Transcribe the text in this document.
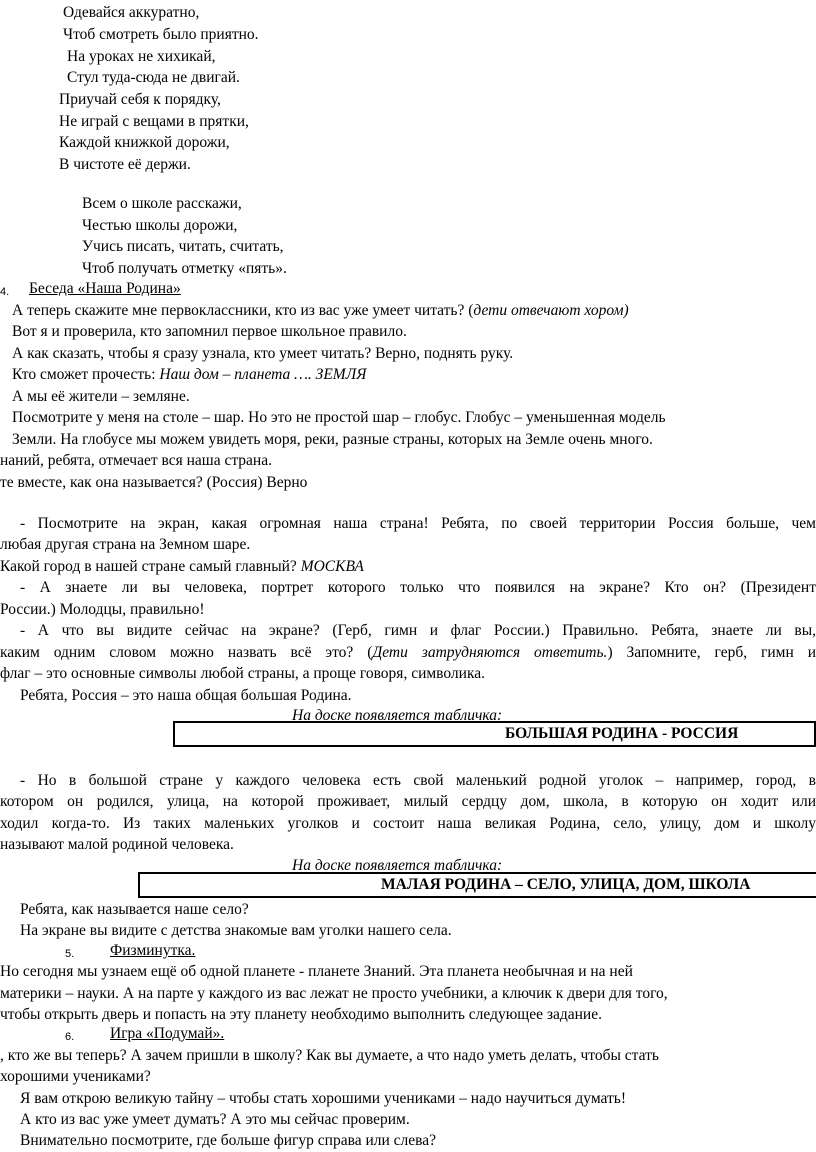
Одевайся аккуратно,
Чтоб смотреть было приятно.
На уроках не хихикай,
Стул туда-сюда не двигай.
Приучай себя к порядку,
Не играй с вещами в прятки,
Каждой книжкой дорожи,
В чистоте её держи.
Всем о школе расскажи,
Честью школы дорожи,
Учись писать, читать, считать,
Чтоб получать отметку «пять».
4. Беседа «Наша Родина»
А теперь скажите мне первоклассники, кто из вас уже умеет читать? (дети отвечают хором)
Вот я и проверила, кто запомнил первое школьное правило.
А как сказать, чтобы я сразу узнала, кто умеет читать? Верно, поднять руку.
Кто сможет прочесть: Наш дом – планета …. ЗЕМЛЯ
А мы её жители – земляне.
Посмотрите у меня на столе – шар. Но это не простой шар – глобус. Глобус – уменьшенная модель
Земли. На глобусе мы можем увидеть моря, реки, разные страны, которых на Земле очень много.
наний, ребята, отмечает вся наша страна.
те вместе, как она называется? (Россия) Верно
- Посмотрите на экран, какая огромная наша страна! Ребята, по своей территории Россия больше, чем
любая другая страна на Земном шаре.
Какой город в нашей стране самый главный? МОСКВА
- А знаете ли вы человека, портрет которого только что появился на экране? Кто он? (Президент
России.) Молодцы, правильно!
- А что вы видите сейчас на экране? (Герб, гимн и флаг России.) Правильно. Ребята, знаете ли вы,
каким одним словом можно назвать всё это? (Дети затрудняются ответить.) Запомните, герб, гимн и
флаг – это основные символы любой страны, а проще говоря, символика.
Ребята, Россия – это наша общая большая Родина.
На доске появляется табличка:
БОЛЬШАЯ РОДИНА - РОССИЯ
- Но в большой стране у каждого человека есть свой маленький родной уголок – например, город, в
котором он родился, улица, на которой проживает, милый сердцу дом, школа, в которую он ходит или
ходил когда-то. Из таких маленьких уголков и состоит наша великая Родина, село, улицу, дом и школу
называют малой родиной человека.
На доске появляется табличка:
МАЛАЯ РОДИНА – СЕЛО, УЛИЦА, ДОМ, ШКОЛА
Ребята, как называется наше село?
На экране вы видите с детства знакомые вам уголки нашего села.
5. Физминутка.
Но сегодня мы узнаем ещё об одной планете - планете Знаний. Эта планета необычная и на ней
материки – науки. А на парте у каждого из вас лежат не просто учебники, а ключик к двери для того,
чтобы открыть дверь и попасть на эту планету необходимо выполнить следующее задание.
6. Игра «Подумай».
, кто же вы теперь? А зачем пришли в школу? Как вы думаете, а что надо уметь делать, чтобы стать
хорошими учениками?
Я вам открою великую тайну – чтобы стать хорошими учениками – надо научиться думать!
А кто из вас уже умеет думать? А это мы сейчас проверим.
Внимательно посмотрите, где больше фигур справа или слева?
